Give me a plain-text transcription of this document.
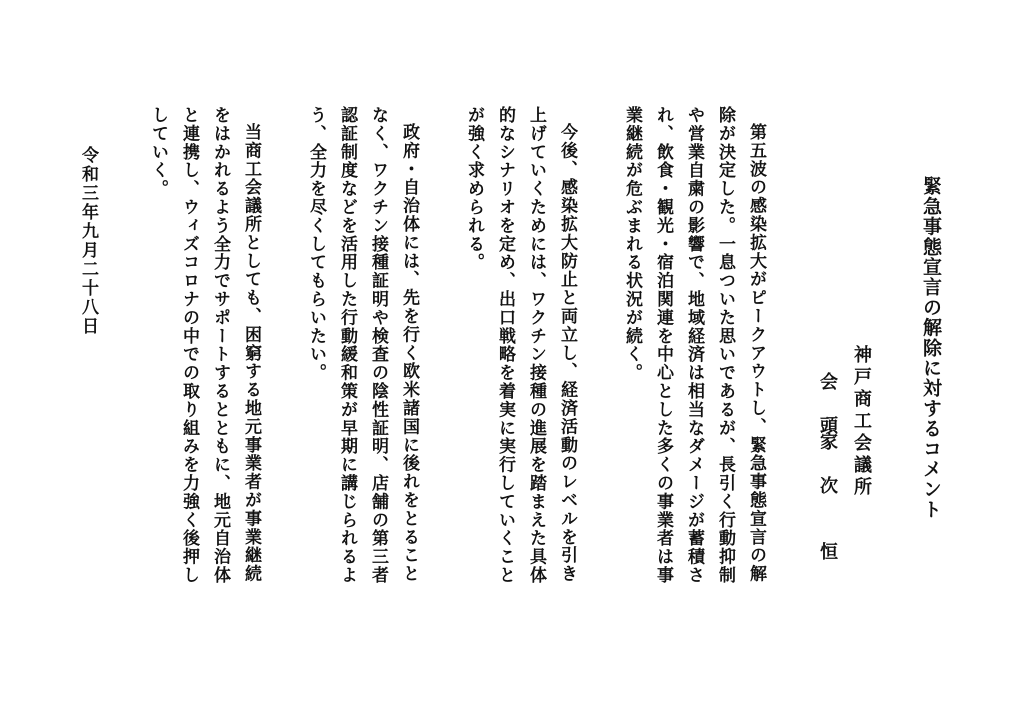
緊急事態宣言の解除に対するコメント
神戸商工会議所
会　頭
家　次　　恒
第五波の感染拡大がピークアウトし、緊急事態宣言の解
除が決定した。一息ついた思いであるが、長引く行動抑制
や営業自粛の影響で、地域経済は相当なダメージが蓄積さ
れ、飲食・観光・宿泊関連を中心とした多くの事業者は事
業継続が危ぶまれる状況が続く。
今後、感染拡大防止と両立し、経済活動のレベルを引き
上げていくためには、ワクチン接種の進展を踏まえた具体
的なシナリオを定め、出口戦略を着実に実行していくこと
が強く求められる。
政府・自治体には、先を行く欧米諸国に後れをとること
なく、ワクチン接種証明や検査の陰性証明、店舗の第三者
認証制度などを活用した行動緩和策が早期に講じられるよ
う、全力を尽くしてもらいたい。
当商工会議所としても、困窮する地元事業者が事業継続
をはかれるよう全力でサポートするとともに、地元自治体
と連携し、ウィズコロナの中での取り組みを力強く後押し
していく。
令和三年九月二十八日
